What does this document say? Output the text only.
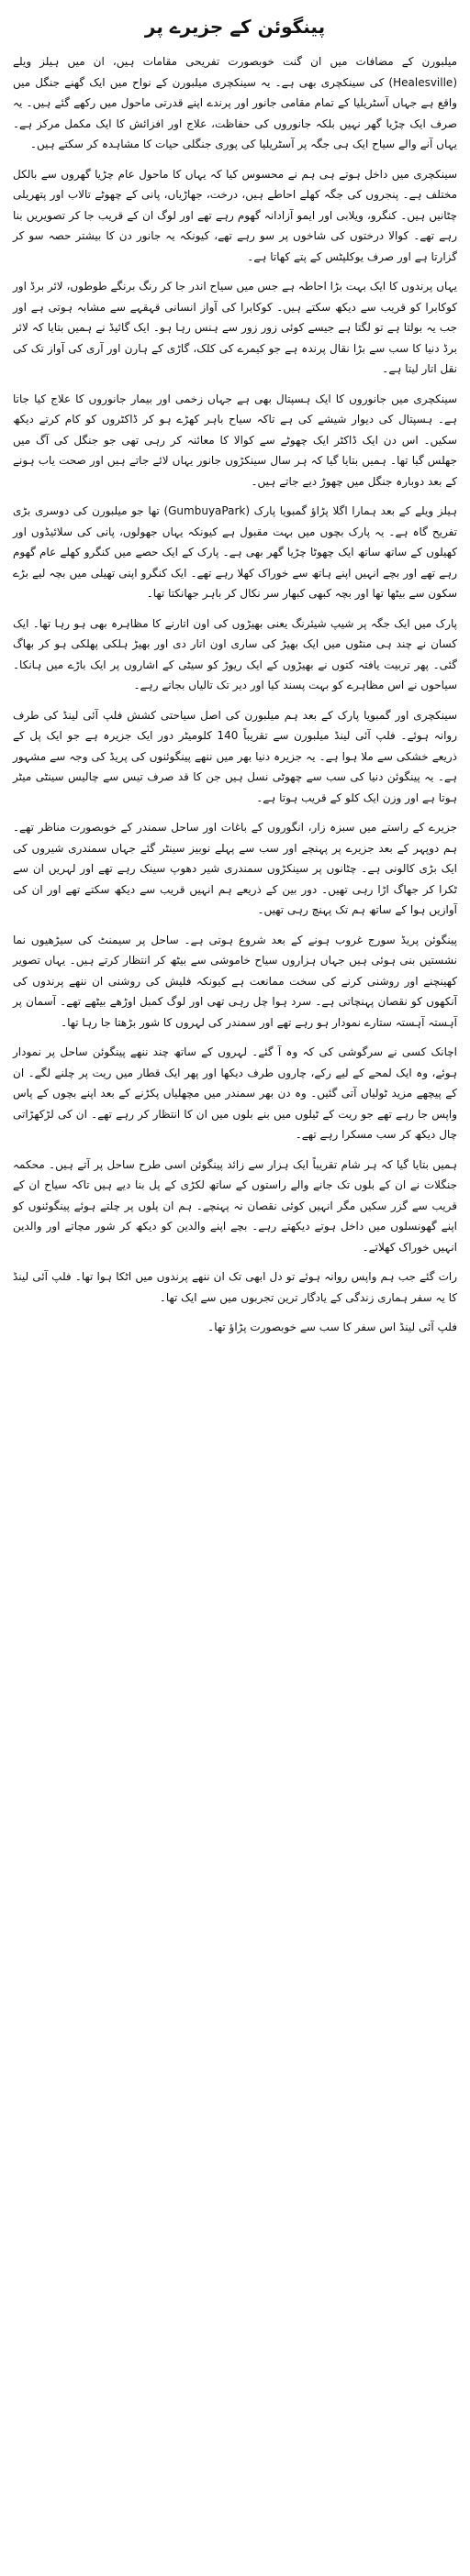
پینگوئن کے جزیرے پر

میلبورن کے مضافات میں ان گنت خوبصورت تفریحی مقامات ہیں، ان میں ہیلز ویلے (Healesville) کی سینکچری بھی ہے۔ یہ سینکچری میلبورن کے نواح میں ایک گھنے جنگل میں واقع ہے جہاں آسٹریلیا کے تمام مقامی جانور اور پرندے اپنے قدرتی ماحول میں رکھے گئے ہیں۔ یہ صرف ایک چڑیا گھر نہیں بلکہ جانوروں کی حفاظت، علاج اور افزائش کا ایک مکمل مرکز ہے۔ یہاں آنے والے سیاح ایک ہی جگہ پر آسٹریلیا کی پوری جنگلی حیات کا مشاہدہ کر سکتے ہیں۔

سینکچری میں داخل ہوتے ہی ہم نے محسوس کیا کہ یہاں کا ماحول عام چڑیا گھروں سے بالکل مختلف ہے۔ پنجروں کی جگہ کھلے احاطے ہیں، درخت، جھاڑیاں، پانی کے چھوٹے تالاب اور پتھریلی چٹانیں ہیں۔ کنگرو، ویلابی اور ایمو آزادانہ گھوم رہے تھے اور لوگ ان کے قریب جا کر تصویریں بنا رہے تھے۔ کوالا درختوں کی شاخوں پر سو رہے تھے، کیونکہ یہ جانور دن کا بیشتر حصہ سو کر گزارتا ہے اور صرف یوکلپٹس کے پتے کھاتا ہے۔

یہاں پرندوں کا ایک بہت بڑا احاطہ ہے جس میں سیاح اندر جا کر رنگ برنگے طوطوں، لائر برڈ اور کوکابرا کو قریب سے دیکھ سکتے ہیں۔ کوکابرا کی آواز انسانی قہقہے سے مشابہ ہوتی ہے اور جب یہ بولتا ہے تو لگتا ہے جیسے کوئی زور زور سے ہنس رہا ہو۔ ایک گائیڈ نے ہمیں بتایا کہ لائر برڈ دنیا کا سب سے بڑا نقال پرندہ ہے جو کیمرے کی کلک، گاڑی کے ہارن اور آری کی آواز تک کی نقل اتار لیتا ہے۔

سینکچری میں جانوروں کا ایک ہسپتال بھی ہے جہاں زخمی اور بیمار جانوروں کا علاج کیا جاتا ہے۔ ہسپتال کی دیوار شیشے کی ہے تاکہ سیاح باہر کھڑے ہو کر ڈاکٹروں کو کام کرتے دیکھ سکیں۔ اس دن ایک ڈاکٹر ایک چھوٹے سے کوالا کا معائنہ کر رہی تھی جو جنگل کی آگ میں جھلس گیا تھا۔ ہمیں بتایا گیا کہ ہر سال سینکڑوں جانور یہاں لائے جاتے ہیں اور صحت یاب ہونے کے بعد دوبارہ جنگل میں چھوڑ دیے جاتے ہیں۔

ہیلز ویلے کے بعد ہمارا اگلا پڑاؤ گمبویا پارک (GumbuyaPark) تھا جو میلبورن کی دوسری بڑی تفریح گاہ ہے۔ یہ پارک بچوں میں بہت مقبول ہے کیونکہ یہاں جھولوں، پانی کی سلائیڈوں اور کھیلوں کے ساتھ ساتھ ایک چھوٹا چڑیا گھر بھی ہے۔ پارک کے ایک حصے میں کنگرو کھلے عام گھوم رہے تھے اور بچے انہیں اپنے ہاتھ سے خوراک کھلا رہے تھے۔ ایک کنگرو اپنی تھیلی میں بچہ لیے بڑے سکون سے بیٹھا تھا اور بچہ کبھی کبھار سر نکال کر باہر جھانکتا تھا۔

پارک میں ایک جگہ پر شیپ شیئرنگ یعنی بھیڑوں کی اون اتارنے کا مظاہرہ بھی ہو رہا تھا۔ ایک کسان نے چند ہی منٹوں میں ایک بھیڑ کی ساری اون اتار دی اور بھیڑ ہلکی پھلکی ہو کر بھاگ گئی۔ پھر تربیت یافتہ کتوں نے بھیڑوں کے ایک ریوڑ کو سیٹی کے اشاروں پر ایک باڑے میں ہانکا۔ سیاحوں نے اس مظاہرے کو بہت پسند کیا اور دیر تک تالیاں بجاتے رہے۔

سینکچری اور گمبویا پارک کے بعد ہم میلبورن کی اصل سیاحتی کشش فلپ آئی لینڈ کی طرف روانہ ہوئے۔ فلپ آئی لینڈ میلبورن سے تقریباً 140 کلومیٹر دور ایک جزیرہ ہے جو ایک پل کے ذریعے خشکی سے ملا ہوا ہے۔ یہ جزیرہ دنیا بھر میں ننھے پینگوئنوں کی پریڈ کی وجہ سے مشہور ہے۔ یہ پینگوئن دنیا کی سب سے چھوٹی نسل ہیں جن کا قد صرف تیس سے چالیس سینٹی میٹر ہوتا ہے اور وزن ایک کلو کے قریب ہوتا ہے۔

جزیرے کے راستے میں سبزہ زار، انگوروں کے باغات اور ساحل سمندر کے خوبصورت مناظر تھے۔ ہم دوپہر کے بعد جزیرے پر پہنچے اور سب سے پہلے نوبیز سینٹر گئے جہاں سمندری شیروں کی ایک بڑی کالونی ہے۔ چٹانوں پر سینکڑوں سمندری شیر دھوپ سینک رہے تھے اور لہریں ان سے ٹکرا کر جھاگ اڑا رہی تھیں۔ دور بین کے ذریعے ہم انہیں قریب سے دیکھ سکتے تھے اور ان کی آوازیں ہوا کے ساتھ ہم تک پہنچ رہی تھیں۔

پینگوئن پریڈ سورج غروب ہونے کے بعد شروع ہوتی ہے۔ ساحل پر سیمنٹ کی سیڑھیوں نما نشستیں بنی ہوئی ہیں جہاں ہزاروں سیاح خاموشی سے بیٹھ کر انتظار کرتے ہیں۔ یہاں تصویر کھینچنے اور روشنی کرنے کی سخت ممانعت ہے کیونکہ فلیش کی روشنی ان ننھے پرندوں کی آنکھوں کو نقصان پہنچاتی ہے۔ سرد ہوا چل رہی تھی اور لوگ کمبل اوڑھے بیٹھے تھے۔ آسمان پر آہستہ آہستہ ستارے نمودار ہو رہے تھے اور سمندر کی لہروں کا شور بڑھتا جا رہا تھا۔

اچانک کسی نے سرگوشی کی کہ وہ آ گئے۔ لہروں کے ساتھ چند ننھے پینگوئن ساحل پر نمودار ہوئے، وہ ایک لمحے کے لیے رکے، چاروں طرف دیکھا اور پھر ایک قطار میں ریت پر چلنے لگے۔ ان کے پیچھے مزید ٹولیاں آتی گئیں۔ وہ دن بھر سمندر میں مچھلیاں پکڑنے کے بعد اپنے بچوں کے پاس واپس جا رہے تھے جو ریت کے ٹیلوں میں بنے بلوں میں ان کا انتظار کر رہے تھے۔ ان کی لڑکھڑاتی چال دیکھ کر سب مسکرا رہے تھے۔

ہمیں بتایا گیا کہ ہر شام تقریباً ایک ہزار سے زائد پینگوئن اسی طرح ساحل پر آتے ہیں۔ محکمہ جنگلات نے ان کے بلوں تک جانے والے راستوں کے ساتھ لکڑی کے پل بنا دیے ہیں تاکہ سیاح ان کے قریب سے گزر سکیں مگر انہیں کوئی نقصان نہ پہنچے۔ ہم ان پلوں پر چلتے ہوئے پینگوئنوں کو اپنے گھونسلوں میں داخل ہوتے دیکھتے رہے۔ بچے اپنے والدین کو دیکھ کر شور مچاتے اور والدین انہیں خوراک کھلاتے۔

رات گئے جب ہم واپس روانہ ہوئے تو دل ابھی تک ان ننھے پرندوں میں اٹکا ہوا تھا۔ فلپ آئی لینڈ کا یہ سفر ہماری زندگی کے یادگار ترین تجربوں میں سے ایک تھا۔

فلپ آئی لینڈ اس سفر کا سب سے خوبصورت پڑاؤ تھا۔
